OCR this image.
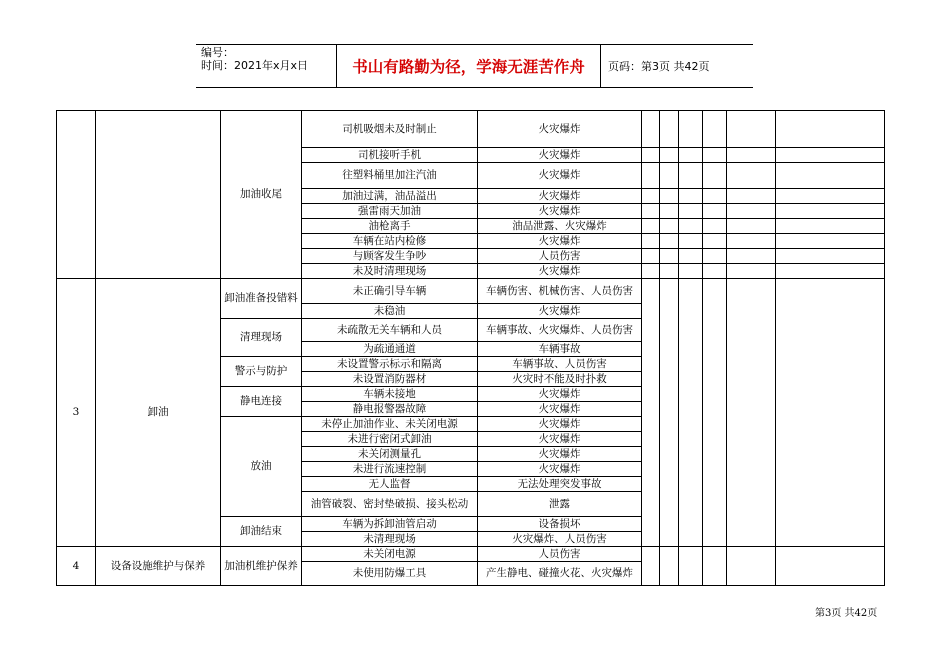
编号：
时间：2021年x月x日	书山有路勤为径，学海无涯苦作舟	页码：第3页 共42页
		加油收尾	司机吸烟未及时制止	火灾爆炸						
			司机接听手机	火灾爆炸						
			往塑料桶里加注汽油	火灾爆炸						
			加油过满，油品溢出	火灾爆炸						
			强雷雨天加油	火灾爆炸						
			油枪离手	油品泄露、火灾爆炸						
			车辆在站内检修	火灾爆炸						
			与顾客发生争吵	人员伤害						
			未及时清理现场	火灾爆炸						
3	卸油	卸油准备投错料	未正确引导车辆	车辆伤害、机械伤害、人员伤害						
			未稳油	火灾爆炸						
		清理现场	未疏散无关车辆和人员	车辆事故、火灾爆炸、人员伤害						
			为疏通通道	车辆事故						
		警示与防护	未设置警示标示和隔离	车辆事故、人员伤害						
			未设置消防器材	火灾时不能及时扑救						
		静电连接	车辆未接地	火灾爆炸						
			静电报警器故障	火灾爆炸						
		放油	未停止加油作业、未关闭电源	火灾爆炸						
			未进行密闭式卸油	火灾爆炸						
			未关闭测量孔	火灾爆炸						
			未进行流速控制	火灾爆炸						
			无人监督	无法处理突发事故						
			油管破裂、密封垫破损、接头松动	泄露						
		卸油结束	车辆为拆卸油管启动	设备损坏						
			未清理现场	火灾爆炸、人员伤害						
4	设备设施维护与保养	加油机维护保养	未关闭电源	人员伤害						
			未使用防爆工具	产生静电、碰撞火花、火灾爆炸						
第3页 共42页
